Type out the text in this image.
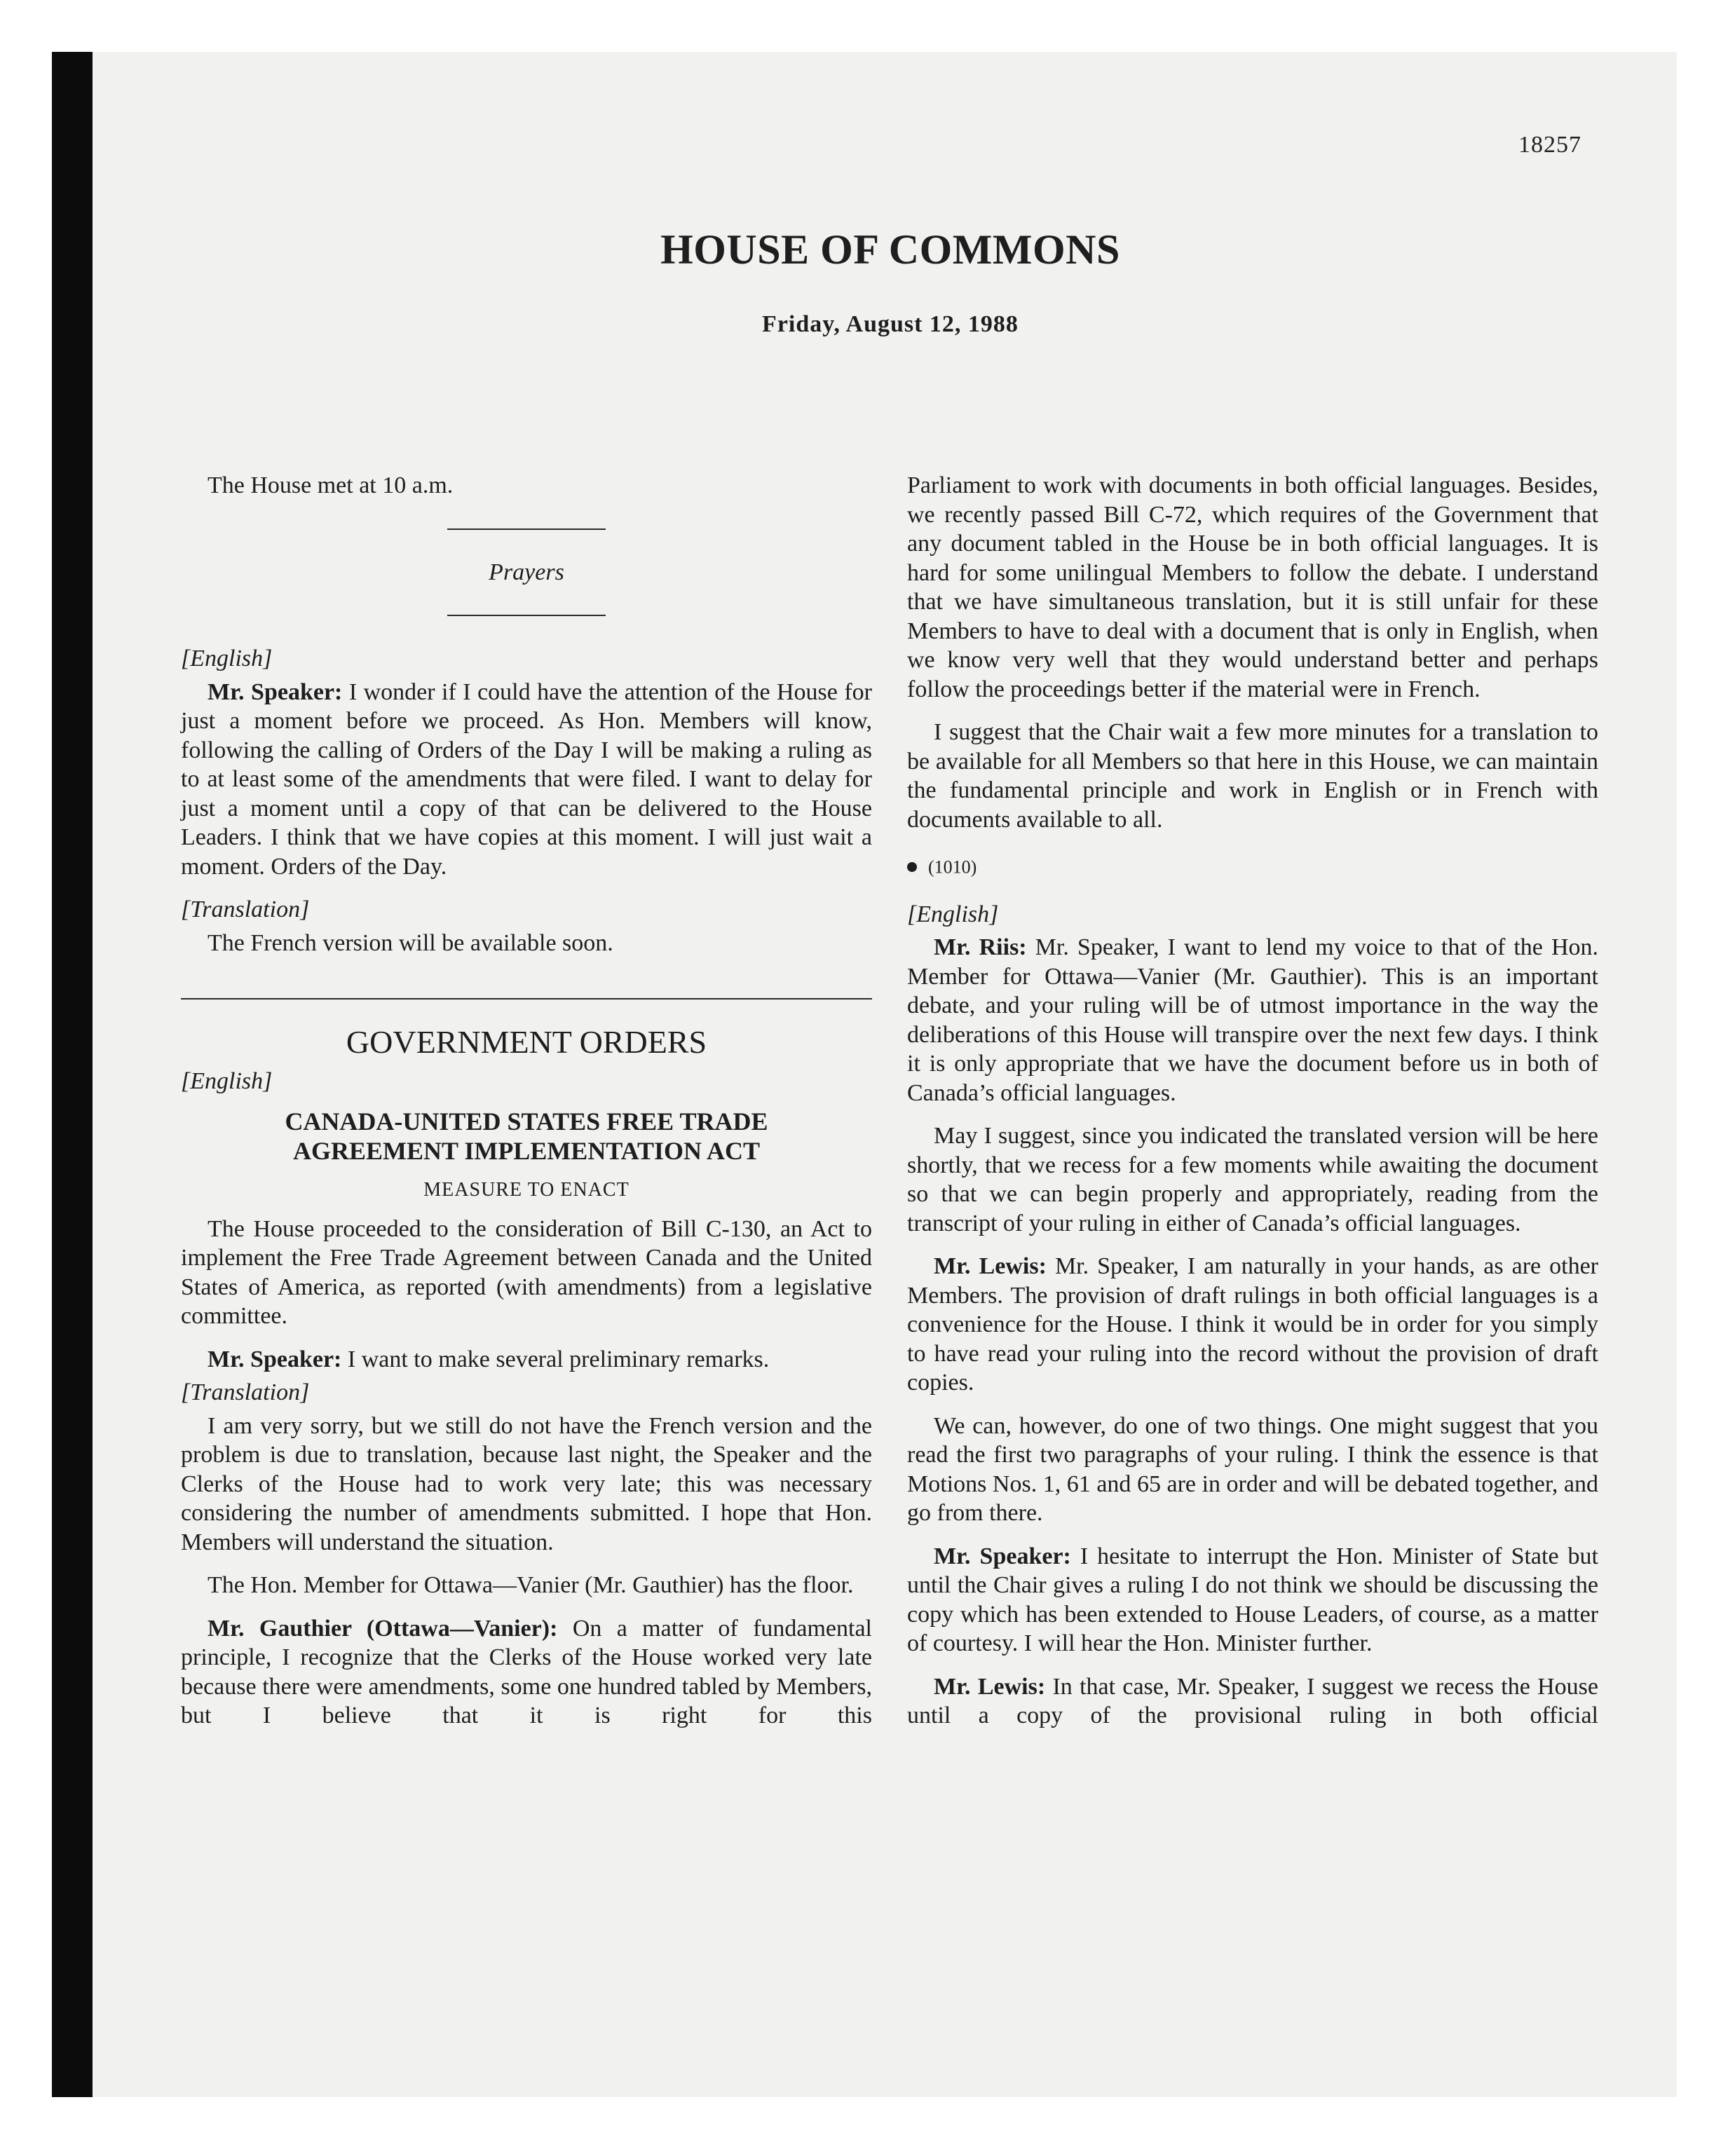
18257
HOUSE OF COMMONS
Friday, August 12, 1988

The House met at 10 a.m.

Prayers
[English]

Mr. Speaker: I wonder if I could have the attention of the House for just a moment before we proceed. As Hon. Members will know, following the calling of Orders of the Day I will be making a ruling as to at least some of the amendments that were filed. I want to delay for just a moment until a copy of that can be delivered to the House Leaders. I think that we have copies at this moment. I will just wait a moment. Orders of the Day.

[Translation]

The French version will be available soon.

GOVERNMENT ORDERS
[English]
CANADA-UNITED STATES FREE TRADE
AGREEMENT IMPLEMENTATION ACT
MEASURE TO ENACT

The House proceeded to the consideration of Bill C-130, an Act to implement the Free Trade Agreement between Canada and the United States of America, as reported (with amendments) from a legislative committee.

Mr. Speaker: I want to make several preliminary remarks.

[Translation]

I am very sorry, but we still do not have the French version and the problem is due to translation, because last night, the Speaker and the Clerks of the House had to work very late; this was necessary considering the number of amendments submitted. I hope that Hon. Members will understand the situation.

The Hon. Member for Ottawa—Vanier (Mr. Gauthier) has the floor.

Mr. Gauthier (Ottawa—Vanier): On a matter of fundamental principle, I recognize that the Clerks of the House worked very late because there were amendments, some one hundred tabled by Members, but I believe that it is right for this

Parliament to work with documents in both official languages. Besides, we recently passed Bill C-72, which requires of the Government that any document tabled in the House be in both official languages. It is hard for some unilingual Members to follow the debate. I understand that we have simultaneous translation, but it is still unfair for these Members to have to deal with a document that is only in English, when we know very well that they would understand better and perhaps follow the proceedings better if the material were in French.

I suggest that the Chair wait a few more minutes for a translation to be available for all Members so that here in this House, we can maintain the fundamental principle and work in English or in French with documents available to all.

(1010)
[English]

Mr. Riis: Mr. Speaker, I want to lend my voice to that of the Hon. Member for Ottawa—Vanier (Mr. Gauthier). This is an important debate, and your ruling will be of utmost importance in the way the deliberations of this House will transpire over the next few days. I think it is only appropriate that we have the document before us in both of Canada’s official languages.

May I suggest, since you indicated the translated version will be here shortly, that we recess for a few moments while awaiting the document so that we can begin properly and appropriately, reading from the transcript of your ruling in either of Canada’s official languages.

Mr. Lewis: Mr. Speaker, I am naturally in your hands, as are other Members. The provision of draft rulings in both official languages is a convenience for the House. I think it would be in order for you simply to have read your ruling into the record without the provision of draft copies.

We can, however, do one of two things. One might suggest that you read the first two paragraphs of your ruling. I think the essence is that Motions Nos. 1, 61 and 65 are in order and will be debated together, and go from there.

Mr. Speaker: I hesitate to interrupt the Hon. Minister of State but until the Chair gives a ruling I do not think we should be discussing the copy which has been extended to House Leaders, of course, as a matter of courtesy. I will hear the Hon. Minister further.

Mr. Lewis: In that case, Mr. Speaker, I suggest we recess the House until a copy of the provisional ruling in both official
